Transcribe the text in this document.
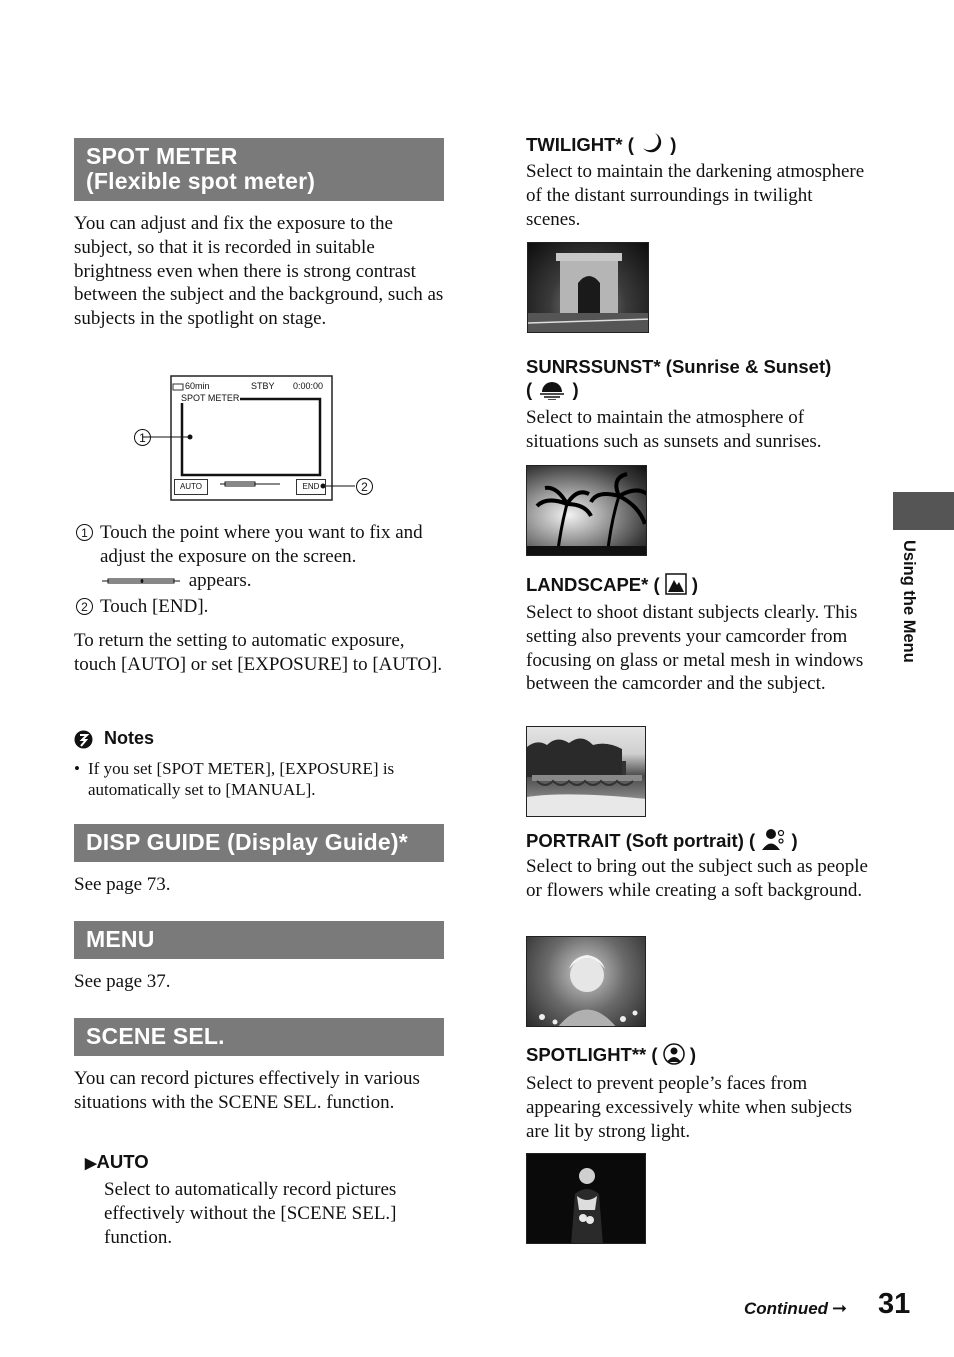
SPOT METER
(Flexible spot meter)
You can adjust and fix the exposure to the subject, so that it is recorded in suitable brightness even when there is strong contrast between the subject and the background, such as subjects in the spotlight on stage.
60min	STBY 0:00:00
SPOT METER
AUTO	END
1
2
1 Touch the point where you want to fix and adjust the exposure on the screen.
appears.
2 Touch [END].
To return the setting to automatic exposure, touch [AUTO] or set [EXPOSURE] to [AUTO].
Notes
• If you set [SPOT METER], [EXPOSURE] is automatically set to [MANUAL].
DISP GUIDE (Display Guide)*
See page 73.
MENU
See page 37.
SCENE SEL.
You can record pictures effectively in various situations with the SCENE SEL. function.
▶AUTO
Select to automatically record pictures effectively without the [SCENE SEL.] function.
TWILIGHT* ( )
Select to maintain the darkening atmosphere of the distant surroundings in twilight scenes.
SUNRSSUNST* (Sunrise & Sunset)
( )
Select to maintain the atmosphere of situations such as sunsets and sunrises.
LANDSCAPE* ( )
Select to shoot distant subjects clearly. This setting also prevents your camcorder from focusing on glass or metal mesh in windows between the camcorder and the subject.
PORTRAIT (Soft portrait) ( )
Select to bring out the subject such as people or flowers while creating a soft background.
SPOTLIGHT** ( )
Select to prevent people’s faces from appearing excessively white when subjects are lit by strong light.
Using the Menu
Continued ➞ 31
